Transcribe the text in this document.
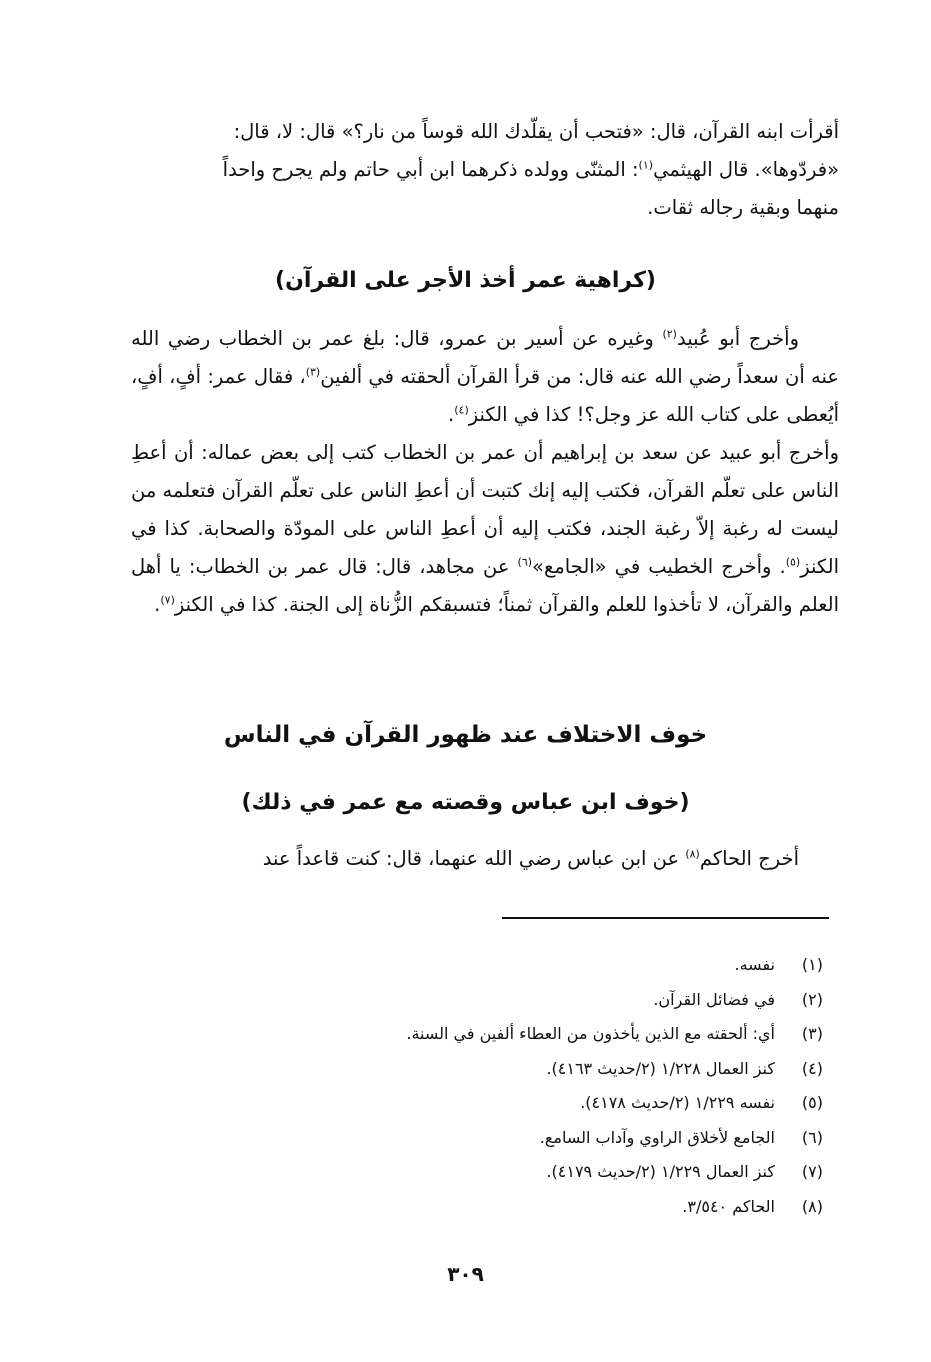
أقرأت ابنه القرآن، قال: «فتحب أن يقلّدك الله قوساً من نار؟» قال: لا، قال:

«فردّوها». قال الهيثمي$^{(١)}$: المثنّى وولده ذكرهما ابن أبي حاتم ولم يجرح واحداً

منهما وبقية رجاله ثقات.

(كراهية عمر أخذ الأجر على القرآن)

وأخرج أبو عُبيد$^{(٢)}$ وغيره عن أسير بن عمرو، قال: بلغ عمر بن الخطاب رضي الله عنه أن سعداً رضي الله عنه قال: من قرأ القرآن ألحقته في ألفين$^{(٣)}$، فقال عمر: أفٍ، أفٍ، أيُعطى على كتاب الله عز وجل؟! كذا في الكنز$^{(٤)}$.

وأخرج أبو عبيد عن سعد بن إبراهيم أن عمر بن الخطاب كتب إلى بعض عماله: أن أعطِ الناس على تعلّم القرآن، فكتب إليه إنك كتبت أن أعطِ الناس على تعلّم القرآن فتعلمه من ليست له رغبة إلاّ رغبة الجند، فكتب إليه أن أعطِ الناس على المودّة والصحابة. كذا في الكنز$^{(٥)}$. وأخرج الخطيب في «الجامع»$^{(٦)}$ عن مجاهد، قال: قال عمر بن الخطاب: يا أهل العلم والقرآن، لا تأخذوا للعلم والقرآن ثمناً؛ فتسبقكم الزُّناة إلى الجنة. كذا في الكنز$^{(٧)}$.

خوف الاختلاف عند ظهور القرآن في الناس
(خوف ابن عباس وقصته مع عمر في ذلك)

أخرج الحاكم$^{(٨)}$ عن ابن عباس رضي الله عنهما، قال: كنت قاعداً عند

(١)
نفسه.
(٢)
في فضائل القرآن.
(٣)
أي: ألحقته مع الذين يأخذون من العطاء ألفين في السنة.
(٤)
كنز العمال ١/٢٢٨ (٢/حديث ٤١٦٣).
(٥)
نفسه ١/٢٢٩ (٢/حديث ٤١٧٨).
(٦)
الجامع لأخلاق الراوي وآداب السامع.
(٧)
كنز العمال ١/٢٢٩ (٢/حديث ٤١٧٩).
(٨)
الحاكم ٣/٥٤٠.
٣٠٩
